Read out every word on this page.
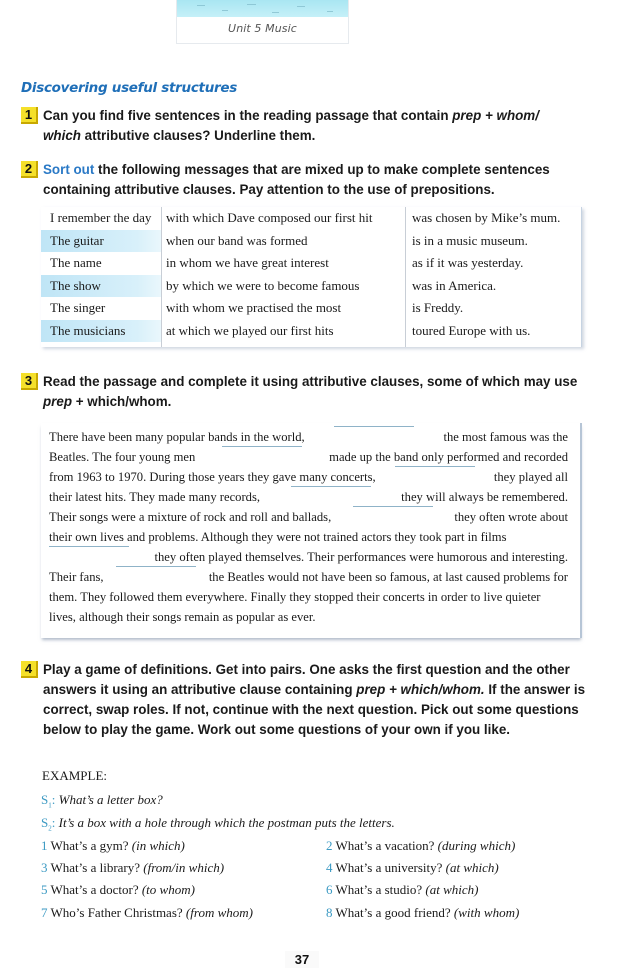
Unit 5 Music
Discovering useful structures
1 Can you find five sentences in the reading passage that contain prep + whom/
which attributive clauses? Underline them.
2 Sort out the following messages that are mixed up to make complete sentences containing attributive clauses. Pay attention to the use of prepositions.
I remember the day	with which Dave composed our first hit	was chosen by Mike’s mum.
The guitar	when our band was formed	is in a music museum.
The name	in whom we have great interest	as if it was yesterday.
The show	by which we were to become famous	was in America.
The singer	with whom we practised the most	is Freddy.
The musicians	at which we played our first hits	toured Europe with us.
3 Read the passage and complete it using attributive clauses, some of which may use prep + which/whom.
There have been many popular bands in the world,	the most famous was the
Beatles. The four young men	made up the band only performed and recorded
from 1963 to 1970. During those years they gave many concerts,	they played all
their latest hits. They made many records,	they will always be remembered.
Their songs were a mixture of rock and roll and ballads,	they often wrote about
their own lives and problems. Although they were not trained actors they took part in films
they often played themselves. Their performances were humorous and interesting.
Their fans,	the Beatles would not have been so famous, at last caused problems for
them. They followed them everywhere. Finally they stopped their concerts in order to live quieter
lives, although their songs remain as popular as ever.
4 Play a game of definitions. Get into pairs. One asks the first question and the other answers it using an attributive clause containing prep + which/whom. If the answer is correct, swap roles. If not, continue with the next question. Pick out some questions below to play the game. Work out some questions of your own if you like.
EXAMPLE:
$S_1$: What’s a letter box?
$S_2$: It’s a box with a hole through which the postman puts the letters.
1 What’s a gym? (in which)	2 What’s a vacation? (during which)
3 What’s a library? (from/in which)	4 What’s a university? (at which)
5 What’s a doctor? (to whom)	6 What’s a studio? (at which)
7 Who’s Father Christmas? (from whom)	8 What’s a good friend? (with whom)
37
